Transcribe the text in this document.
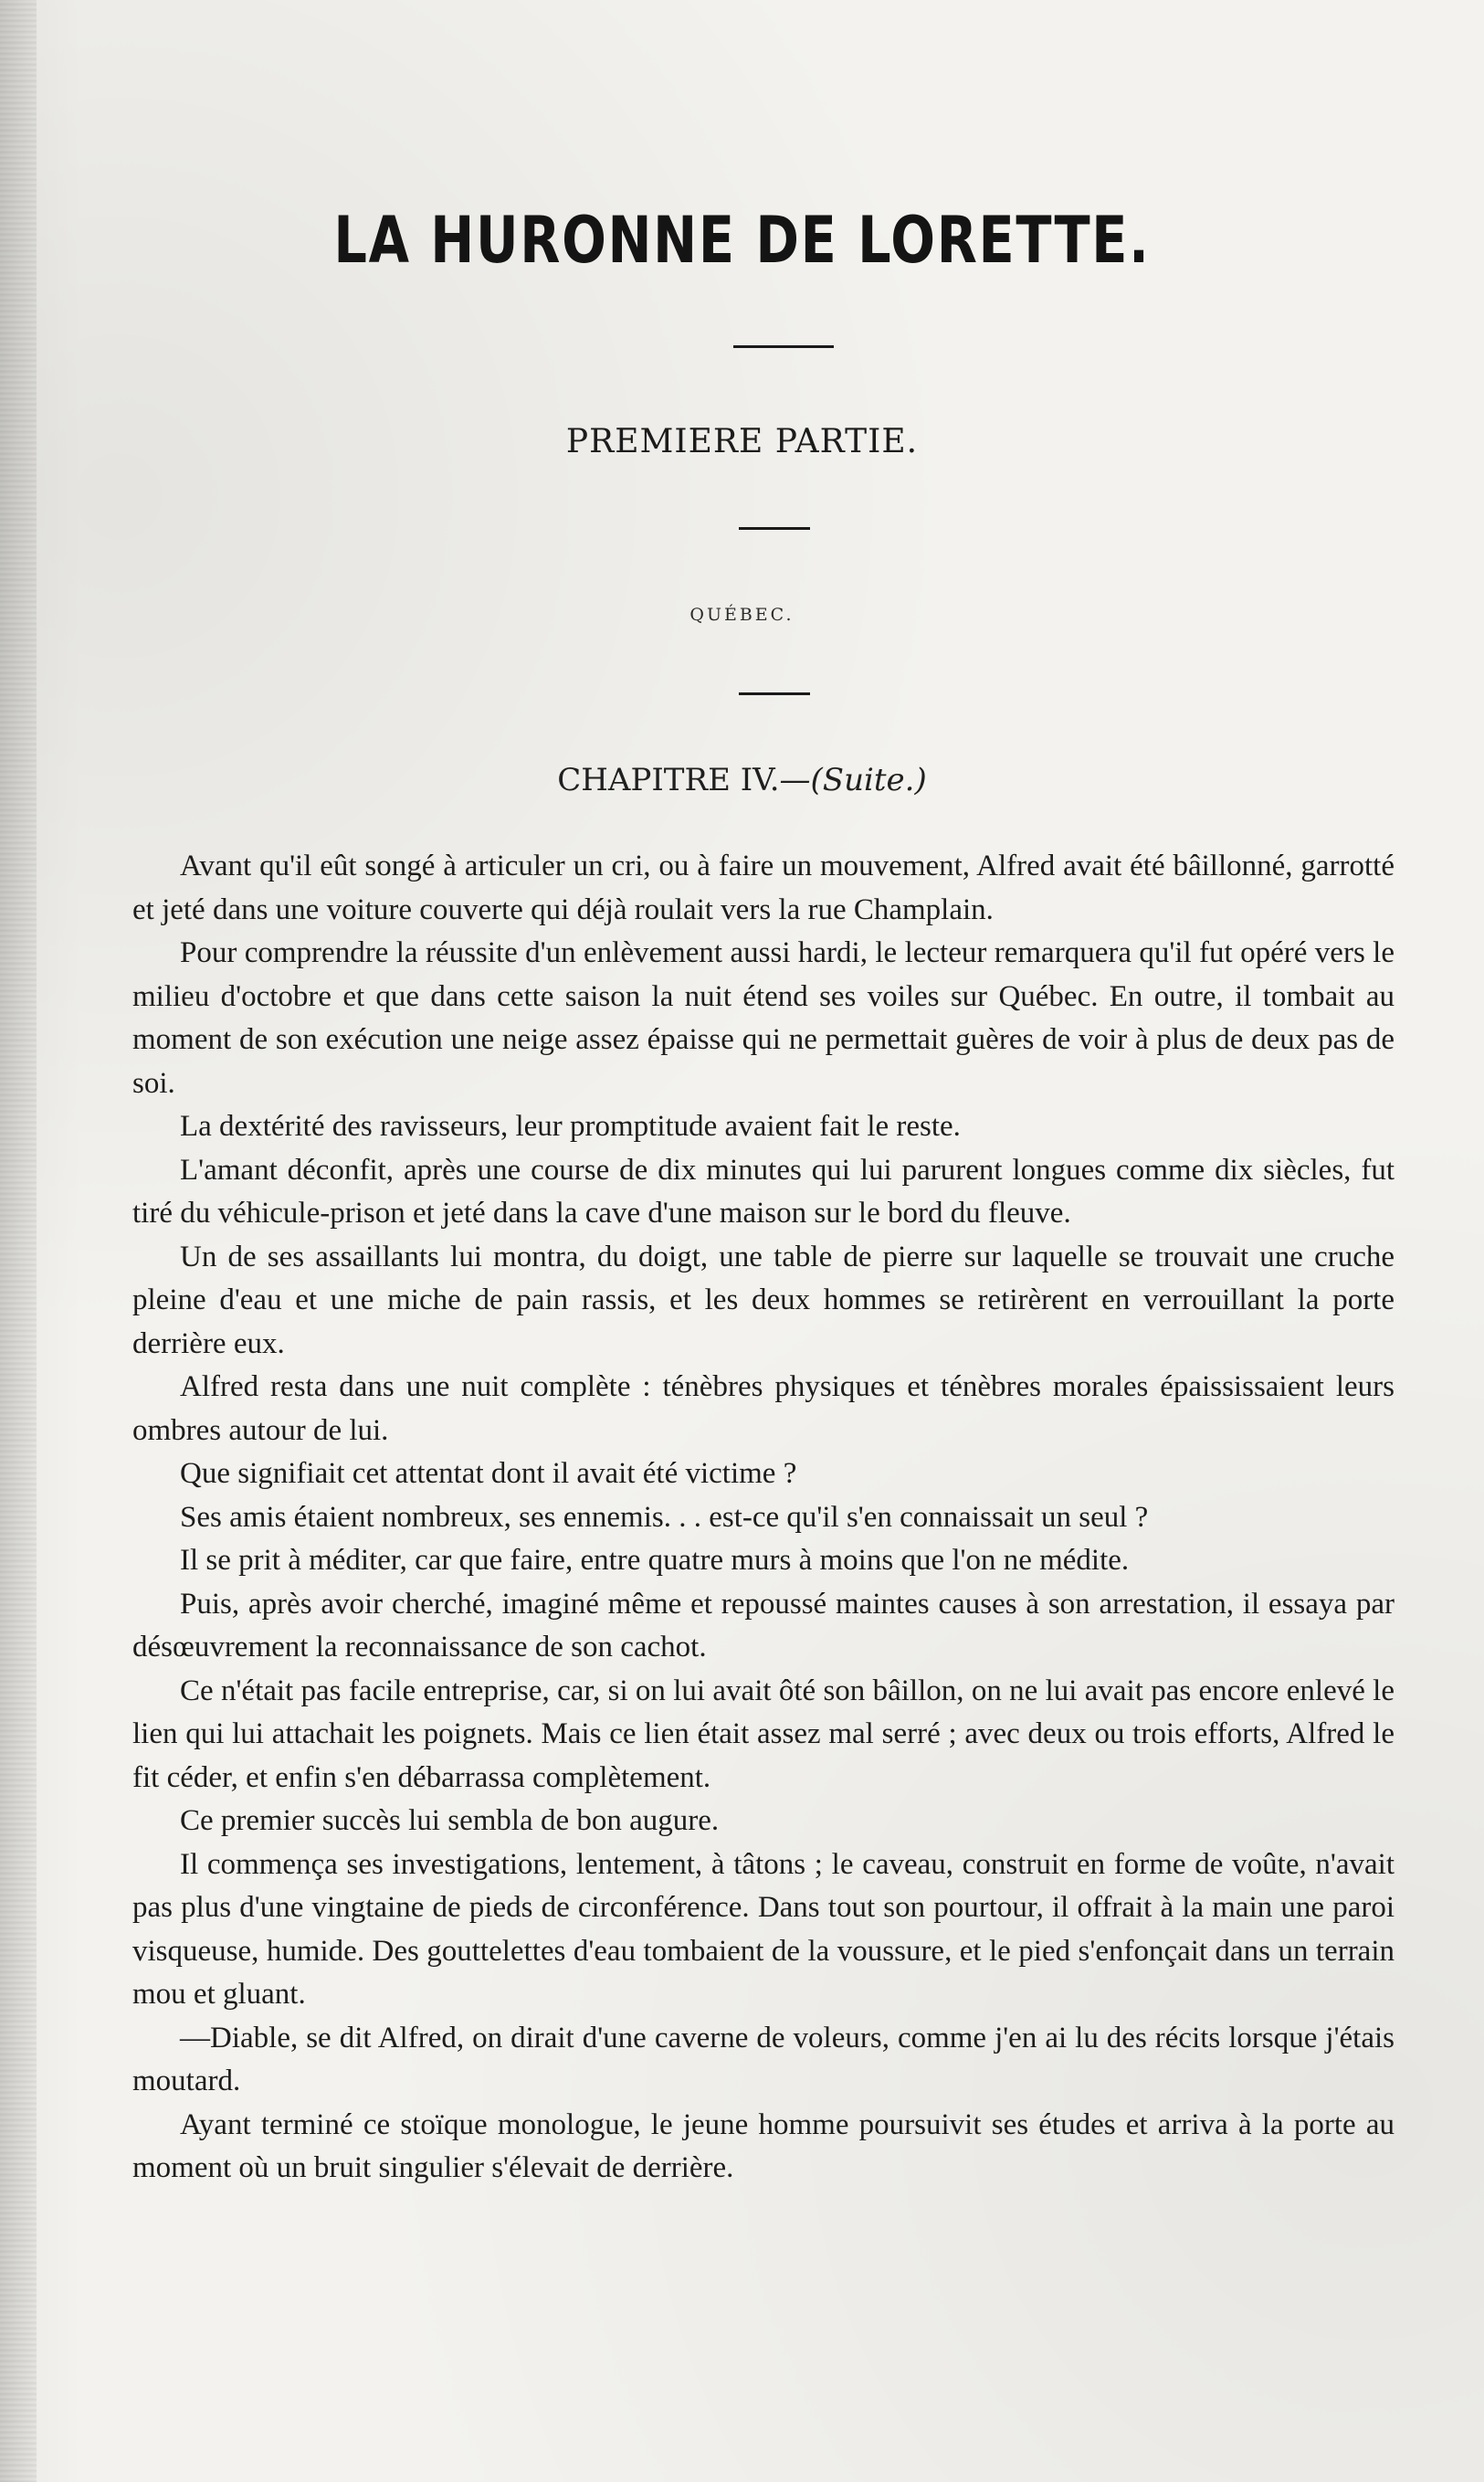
LA HURONNE DE LORETTE.
PREMIERE PARTIE.
QUÉBEC.
CHAPITRE IV.—(Suite.)

Avant qu'il eût songé à articuler un cri, ou à faire un mouvement, Alfred avait été bâillonné, garrotté et jeté dans une voiture couverte qui déjà roulait vers la rue Champlain.

Pour comprendre la réussite d'un enlèvement aussi hardi, le lecteur remarquera qu'il fut opéré vers le milieu d'octobre et que dans cette saison la nuit étend ses voiles sur Québec. En outre, il tombait au moment de son exécution une neige assez épaisse qui ne permettait guères de voir à plus de deux pas de soi.

La dextérité des ravisseurs, leur promptitude avaient fait le reste.

L'amant déconfit, après une course de dix minutes qui lui parurent longues comme dix siècles, fut tiré du véhicule-prison et jeté dans la cave d'une maison sur le bord du fleuve.

Un de ses assaillants lui montra, du doigt, une table de pierre sur laquelle se trouvait une cruche pleine d'eau et une miche de pain rassis, et les deux hommes se retirèrent en verrouillant la porte derrière eux.

Alfred resta dans une nuit complète : ténèbres physiques et ténèbres morales épaississaient leurs ombres autour de lui.

Que signifiait cet attentat dont il avait été victime ?

Ses amis étaient nombreux, ses ennemis. . . est-ce qu'il s'en connaissait un seul ?

Il se prit à méditer, car que faire, entre quatre murs à moins que l'on ne médite.

Puis, après avoir cherché, imaginé même et repoussé maintes causes à son arrestation, il essaya par désœuvrement la reconnaissance de son cachot.

Ce n'était pas facile entreprise, car, si on lui avait ôté son bâillon, on ne lui avait pas encore enlevé le lien qui lui attachait les poignets. Mais ce lien était assez mal serré ; avec deux ou trois efforts, Alfred le fit céder, et enfin s'en débarrassa complètement.

Ce premier succès lui sembla de bon augure.

Il commença ses investigations, lentement, à tâtons ; le caveau, construit en forme de voûte, n'avait pas plus d'une vingtaine de pieds de circonférence. Dans tout son pourtour, il offrait à la main une paroi visqueuse, humide. Des gouttelettes d'eau tombaient de la voussure, et le pied s'enfonçait dans un terrain mou et gluant.

—Diable, se dit Alfred, on dirait d'une caverne de voleurs, comme j'en ai lu des récits lorsque j'étais moutard.

Ayant terminé ce stoïque monologue, le jeune homme poursuivit ses études et arriva à la porte au moment où un bruit singulier s'élevait de derrière.
